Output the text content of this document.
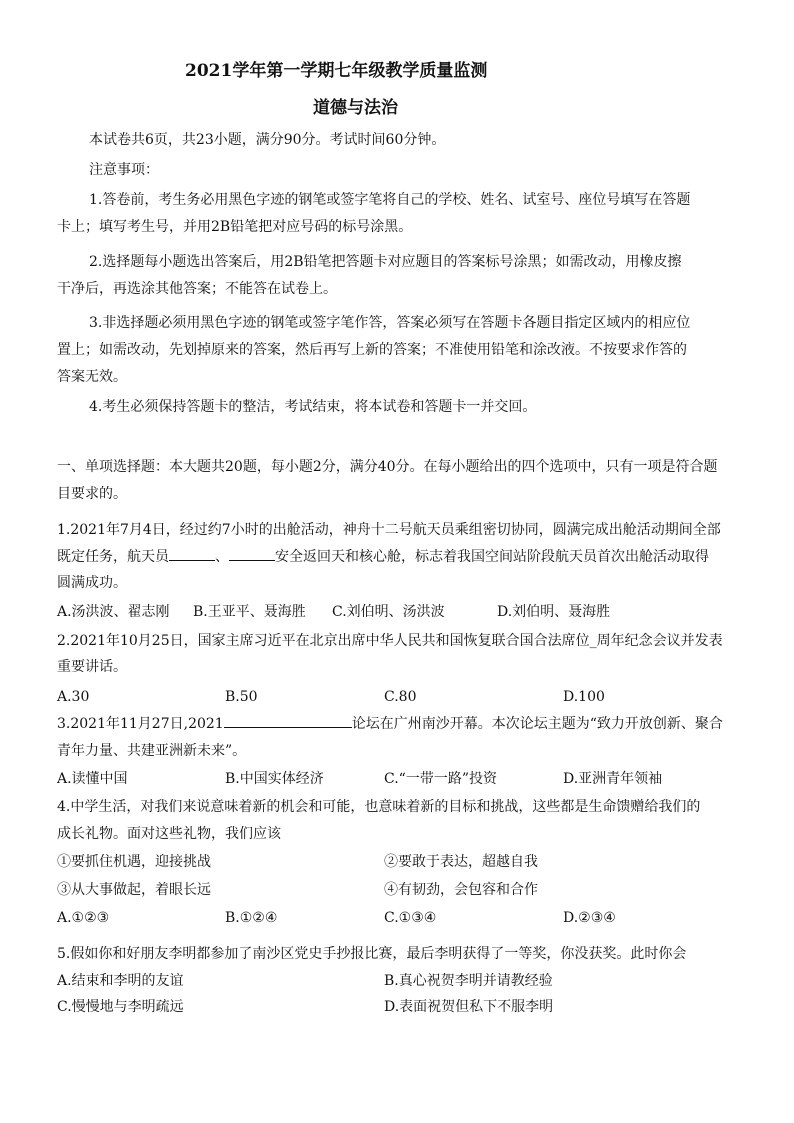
2021学年第一学期七年级教学质量监测
道德与法治
本试卷共6页，共23小题，满分90分。考试时间60分钟。
注意事项：
1.答卷前，考生务必用黑色字迹的钢笔或签字笔将自己的学校、姓名、试室号、座位号填写在答题
卡上；填写考生号，并用2B铅笔把对应号码的标号涂黑。
2.选择题每小题选出答案后，用2B铅笔把答题卡对应题目的答案标号涂黑；如需改动，用橡皮擦
干净后，再选涂其他答案；不能答在试卷上。
3.非选择题必须用黑色字迹的钢笔或签字笔作答，答案必须写在答题卡各题目指定区域内的相应位
置上；如需改动，先划掉原来的答案，然后再写上新的答案；不准使用铅笔和涂改液。不按要求作答的
答案无效。
4.考生必须保持答题卡的整洁，考试结束，将本试卷和答题卡一并交回。
一、单项选择题：本大题共20题，每小题2分，满分40分。在每小题给出的四个选项中，只有一项是符合题
目要求的。
1.2021年7月4日，经过约7小时的出舱活动，神舟十二号航天员乘组密切协同，圆满完成出舱活动期间全部
既定任务，航天员	、	安全返回天和核心舱，标志着我国空间站阶段航天员首次出舱活动取得
圆满成功。
A.汤洪波、翟志刚 B.王亚平、聂海胜 C.刘伯明、汤洪波	D.刘伯明、聂海胜
2.2021年10月25日，国家主席习近平在北京出席中华人民共和国恢复联合国合法席位_周年纪念会议并发表
重要讲话。
A.30	B.50	C.80	D.100
3.2021年11月27日,2021	论坛在广州南沙开幕。本次论坛主题为“致力开放创新、聚合
青年力量、共建亚洲新未来”。
A.读懂中国	B.中国实体经济	C.“一带一路”投资	D.亚洲青年领袖
4.中学生活，对我们来说意味着新的机会和可能，也意味着新的目标和挑战，这些都是生命馈赠给我们的
成长礼物。面对这些礼物，我们应该
①要抓住机遇，迎接挑战	②要敢于表达，超越自我
③从大事做起，着眼长远	④有韧劲，会包容和合作
A.①②③	B.①②④	C.①③④	D.②③④
5.假如你和好朋友李明都参加了南沙区党史手抄报比赛，最后李明获得了一等奖，你没获奖。此时你会
A.结束和李明的友谊	B.真心祝贺李明并请教经验
C.慢慢地与李明疏远	D.表面祝贺但私下不服李明
